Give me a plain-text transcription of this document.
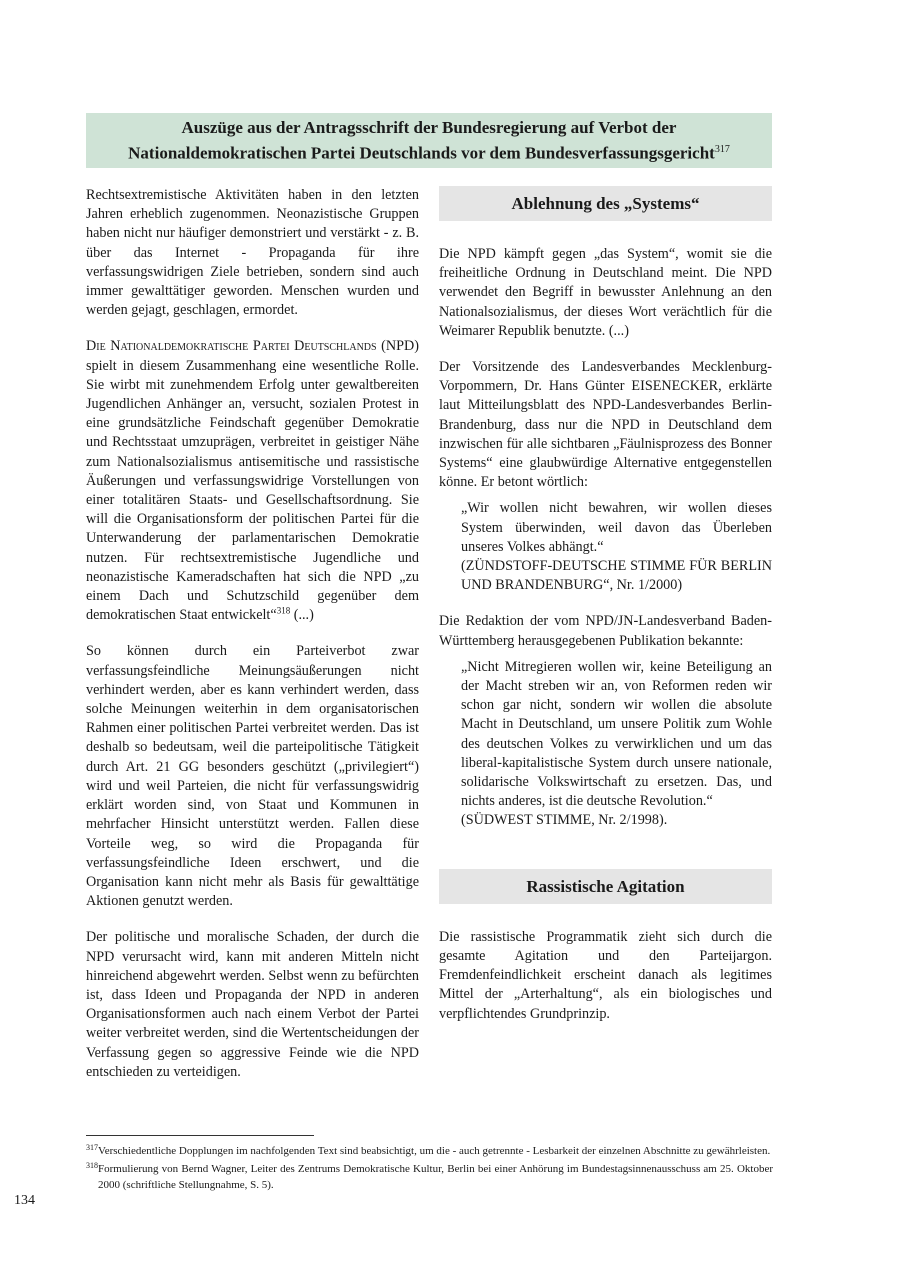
Auszüge aus der Antragsschrift der Bundesregierung auf Verbot der
Nationaldemokratischen Partei Deutschlands vor dem Bundesverfassungsgericht$^{317}$

Rechtsextremistische Aktivitäten haben in den letzten Jahren erheblich zugenommen. Neonazistische Gruppen haben nicht nur häufiger demonstriert und verstärkt - z. B. über das Internet - Propaganda für ihre verfassungswidrigen Ziele betrieben, sondern sind auch immer gewalttätiger geworden. Menschen wurden und werden gejagt, geschlagen, ermordet.

Die Nationaldemokratische Partei Deutschlands (NPD) spielt in diesem Zusammenhang eine wesentliche Rolle. Sie wirbt mit zunehmendem Erfolg unter gewaltbereiten Jugendlichen Anhänger an, versucht, sozialen Protest in eine grundsätzliche Feindschaft gegenüber Demokratie und Rechtsstaat umzuprägen, verbreitet in geistiger Nähe zum Nationalsozialismus antisemitische und rassistische Äußerungen und verfassungswidrige Vorstellungen von einer totalitären Staats- und Gesellschaftsordnung. Sie will die Organisationsform der politischen Partei für die Unterwanderung der parlamentarischen Demokratie nutzen. Für rechtsextremistische Jugendliche und neonazistische Kameradschaften hat sich die NPD „zu einem Dach und Schutzschild gegenüber dem demokratischen Staat entwickelt“$^{318}$ (...)

So können durch ein Parteiverbot zwar verfassungsfeindliche Meinungsäußerungen nicht verhindert werden, aber es kann verhindert werden, dass solche Meinungen weiterhin in dem organisatorischen Rahmen einer politischen Partei verbreitet werden. Das ist deshalb so bedeutsam, weil die parteipolitische Tätigkeit durch Art. 21 GG besonders geschützt („privilegiert“) wird und weil Parteien, die nicht für verfassungswidrig erklärt worden sind, von Staat und Kommunen in mehrfacher Hinsicht unterstützt werden. Fallen diese Vorteile weg, so wird die Propaganda für verfassungsfeindliche Ideen erschwert, und die Organisation kann nicht mehr als Basis für gewalttätige Aktionen genutzt werden.

Der politische und moralische Schaden, der durch die NPD verursacht wird, kann mit anderen Mitteln nicht hinreichend abgewehrt werden. Selbst wenn zu befürchten ist, dass Ideen und Propaganda der NPD in anderen Organisationsformen auch nach einem Verbot der Partei weiter verbreitet werden, sind die Wertentscheidungen der Verfassung gegen so aggressive Feinde wie die NPD entschieden zu verteidigen.

Ablehnung des „Systems“

Die NPD kämpft gegen „das System“, womit sie die freiheitliche Ordnung in Deutschland meint. Die NPD verwendet den Begriff in bewusster Anlehnung an den Nationalsozialismus, der dieses Wort verächtlich für die Weimarer Republik benutzte. (...)

Der Vorsitzende des Landesverbandes Mecklenburg-Vorpommern, Dr. Hans Günter EISENECKER, erklärte laut Mitteilungsblatt des NPD-Landesverbandes Berlin-Brandenburg, dass nur die NPD in Deutschland dem inzwischen für alle sichtbaren „Fäulnisprozess des Bonner Systems“ eine glaubwürdige Alternative entgegenstellen könne. Er betont wörtlich:

„Wir wollen nicht bewahren, wir wollen dieses System überwinden, weil davon das Überleben unseres Volkes abhängt.“

(ZÜNDSTOFF-DEUTSCHE STIMME FÜR BERLIN UND BRANDENBURG“, Nr. 1/2000)

Die Redaktion der vom NPD/JN-Landesverband Baden-Württemberg herausgegebenen Publikation bekannte:

„Nicht Mitregieren wollen wir, keine Beteiligung an der Macht streben wir an, von Reformen reden wir schon gar nicht, sondern wir wollen die absolute Macht in Deutschland, um unsere Politik zum Wohle des deutschen Volkes zu verwirklichen und um das liberal-kapitalistische System durch unsere nationale, solidarische Volkswirtschaft zu ersetzen. Das, und nichts anderes, ist die deutsche Revolution.“

(SÜDWEST STIMME, Nr. 2/1998).

Rassistische Agitation

Die rassistische Programmatik zieht sich durch die gesamte Agitation und den Parteijargon. Fremdenfeindlichkeit erscheint danach als legitimes Mittel der „Arterhaltung“, als ein biologisches und verpflichtendes Grundprinzip.

317 Verschiedentliche Dopplungen im nachfolgenden Text sind beabsichtigt, um die - auch getrennte - Lesbarkeit der einzelnen Abschnitte zu gewährleisten.
318 Formulierung von Bernd Wagner, Leiter des Zentrums Demokratische Kultur, Berlin bei einer Anhörung im Bundestagsinnenausschuss am 25. Oktober 2000 (schriftliche Stellungnahme, S. 5).
134
